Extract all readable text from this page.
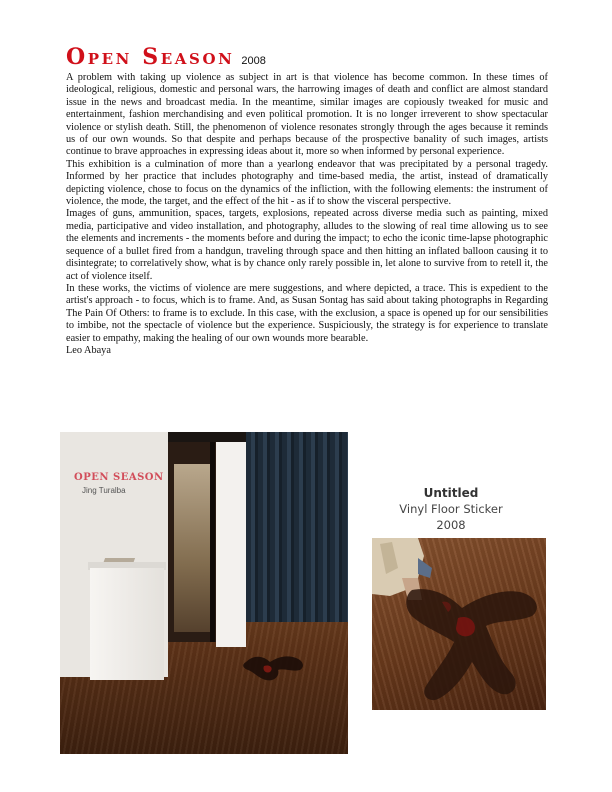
Open Season 2008

A problem with taking up violence as subject in art is that violence has become common. In these times of ideological, religious, domestic and personal wars, the harrowing images of death and conflict are almost standard issue in the news and broadcast media. In the meantime, similar images are copiously tweaked for music and entertainment, fashion merchandising and even political promotion. It is no longer irreverent to show spectacular violence or stylish death. Still, the phenomenon of violence resonates strongly through the ages because it reminds us of our own wounds. So that despite and perhaps because of the prospective banality of such images, artists continue to brave approaches in expressing ideas about it, more so when informed by personal experience.

This exhibition is a culmination of more than a yearlong endeavor that was precipitated by a personal tragedy. Informed by her practice that includes photography and time-based media, the artist, instead of dramatically depicting violence, chose to focus on the dynamics of the infliction, with the following elements: the instrument of violence, the mode, the target, and the effect of the hit - as if to show the visceral perspective.

Images of guns, ammunition, spaces, targets, explosions, repeated across diverse media such as painting, mixed media, participative and video installation, and photography, alludes to the slowing of real time allowing us to see the elements and increments - the moments before and during the impact; to echo the iconic time-lapse photographic sequence of a bullet fired from a handgun, traveling through space and then hitting an inflated balloon causing it to disintegrate; to correlatively show, what is by chance only rarely possible in, let alone to survive from to retell it, the act of violence itself.

In these works, the victims of violence are mere suggestions, and where depicted, a trace. This is expedient to the artist's approach - to focus, which is to frame. And, as Susan Sontag has said about taking photographs in Regarding The Pain Of Others: to frame is to exclude. In this case, with the exclusion, a space is opened up for our sensibilities to imbibe, not the spectacle of violence but the experience. Suspiciously, the strategy is for experience to translate easier to empathy, making the healing of our own wounds more bearable.

Leo Abaya
OPEN SEASON
Jing Turalba	Untitled
Vinyl Floor Sticker
2008
